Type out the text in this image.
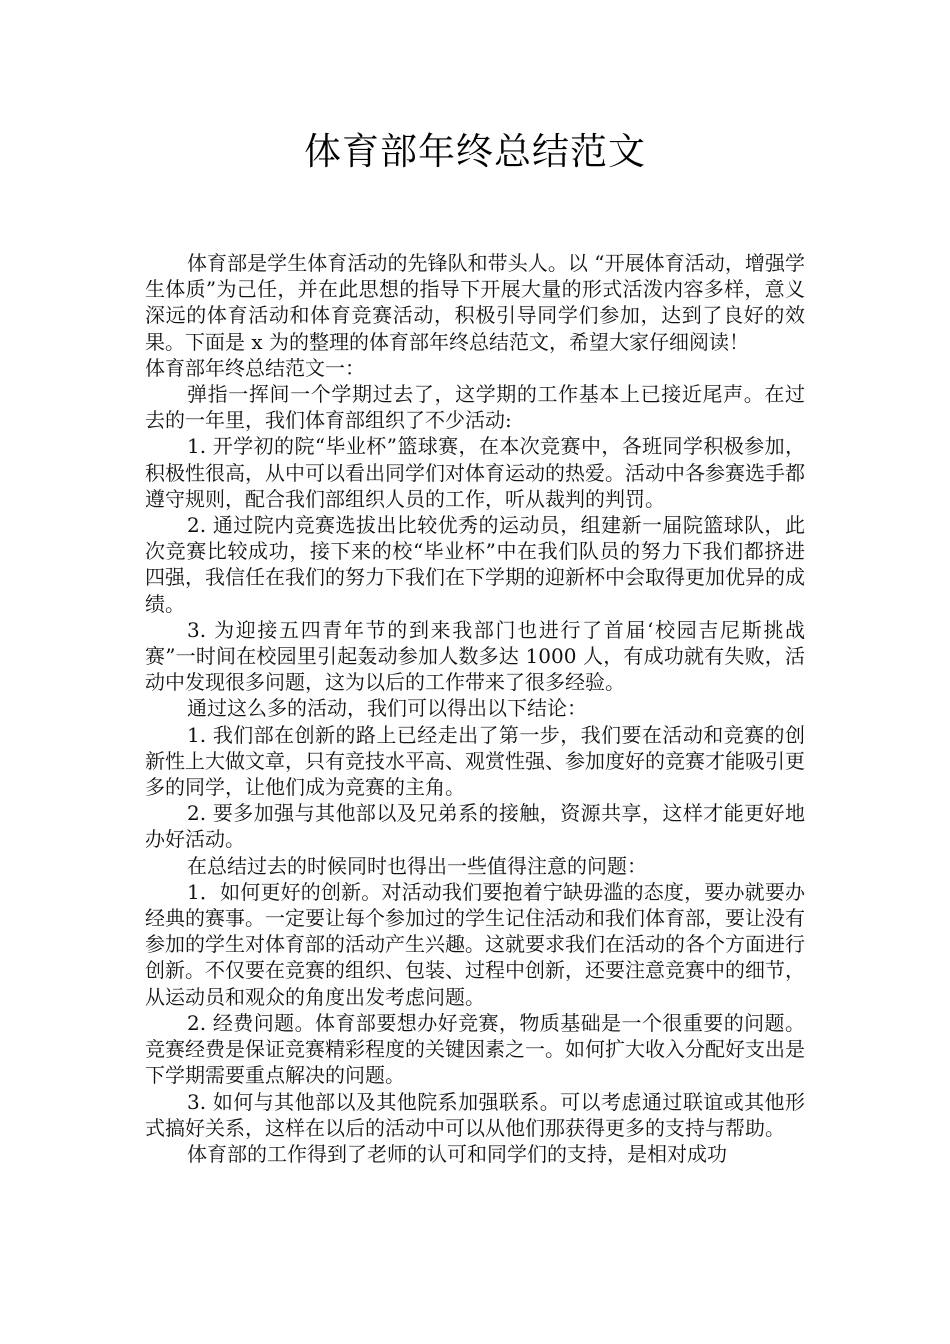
体育部年终总结范文

体育部是学生体育活动的先锋队和带头人。以 “开展体育活动，增强学生体质”为己任，并在此思想的指导下开展大量的形式活泼内容多样，意义深远的体育活动和体育竞赛活动，积极引导同学们参加，达到了良好的效果。下面是 x 为的整理的体育部年终总结范文，希望大家仔细阅读！

体育部年终总结范文一：

弹指一挥间一个学期过去了，这学期的工作基本上已接近尾声。在过去的一年里，我们体育部组织了不少活动:

1. 开学初的院“毕业杯”篮球赛，在本次竞赛中，各班同学积极参加，积极性很高，从中可以看出同学们对体育运动的热爱。活动中各参赛选手都遵守规则，配合我们部组织人员的工作，听从裁判的判罚。

2. 通过院内竞赛选拔出比较优秀的运动员，组建新一届院篮球队，此次竞赛比较成功，接下来的校“毕业杯”中在我们队员的努力下我们都挤进四强，我信任在我们的努力下我们在下学期的迎新杯中会取得更加优异的成绩。

3. 为迎接五四青年节的到来我部门也进行了首届‘校园吉尼斯挑战赛”一时间在校园里引起轰动参加人数多达 1000 人，有成功就有失败，活动中发现很多问题，这为以后的工作带来了很多经验。

通过这么多的活动，我们可以得出以下结论：

1. 我们部在创新的路上已经走出了第一步，我们要在活动和竞赛的创新性上大做文章，只有竞技水平高、观赏性强、参加度好的竞赛才能吸引更多的同学，让他们成为竞赛的主角。

2. 要多加强与其他部以及兄弟系的接触，资源共享，这样才能更好地办好活动。

在总结过去的时候同时也得出一些值得注意的问题：

1．如何更好的创新。对活动我们要抱着宁缺毋滥的态度，要办就要办经典的赛事。一定要让每个参加过的学生记住活动和我们体育部，要让没有参加的学生对体育部的活动产生兴趣。这就要求我们在活动的各个方面进行创新。不仅要在竞赛的组织、包装、过程中创新，还要注意竞赛中的细节，从运动员和观众的角度出发考虑问题。

2. 经费问题。体育部要想办好竞赛，物质基础是一个很重要的问题。竞赛经费是保证竞赛精彩程度的关键因素之一。如何扩大收入分配好支出是下学期需要重点解决的问题。

3. 如何与其他部以及其他院系加强联系。可以考虑通过联谊或其他形式搞好关系，这样在以后的活动中可以从他们那获得更多的支持与帮助。

体育部的工作得到了老师的认可和同学们的支持，是相对成功
